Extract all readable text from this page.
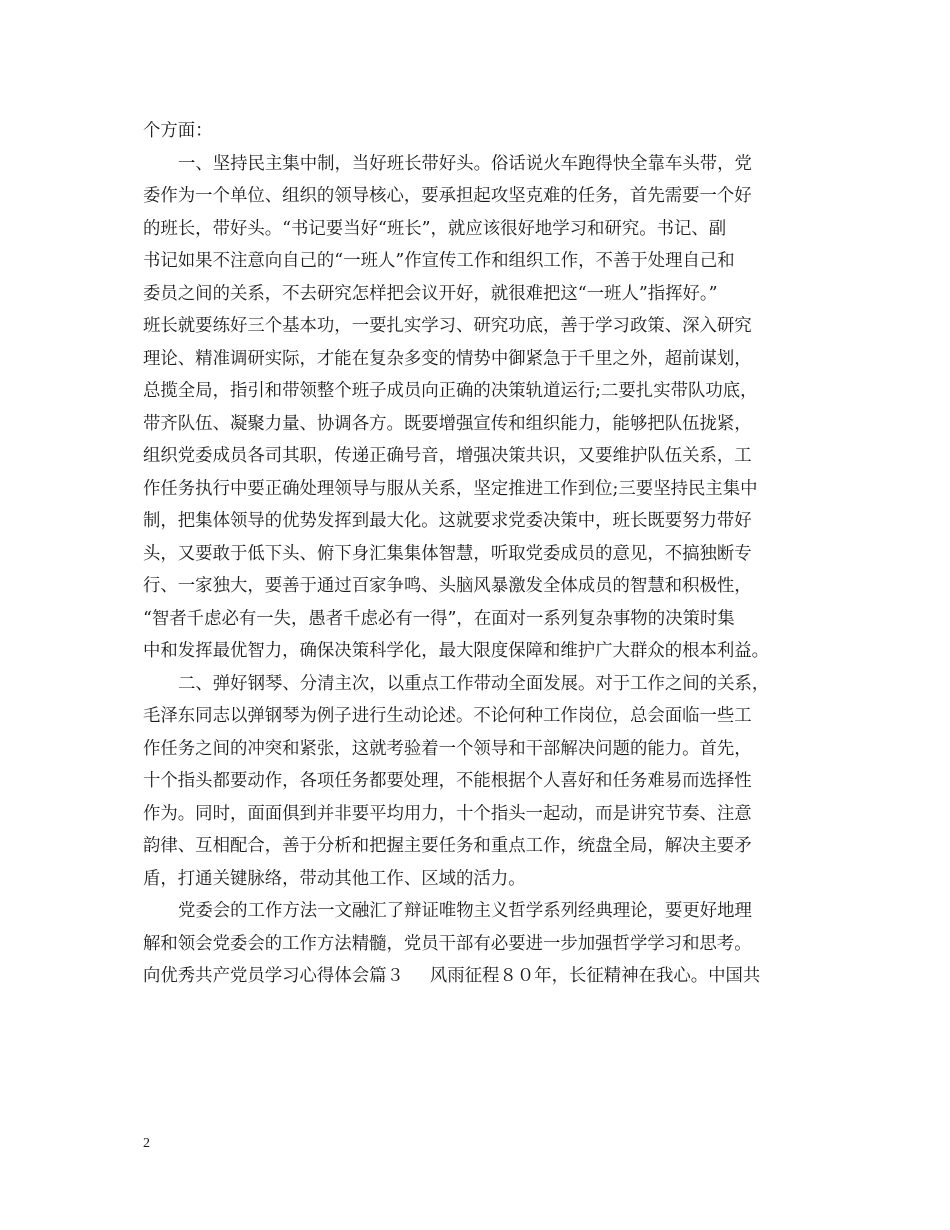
个方面：
一、坚持民主集中制，当好班长带好头。俗话说火车跑得快全靠车头带，党
委作为一个单位、组织的领导核心，要承担起攻坚克难的任务，首先需要一个好
的班长，带好头。“书记要当好“班长”，就应该很好地学习和研究。书记、副
书记如果不注意向自己的“一班人”作宣传工作和组织工作，不善于处理自己和
委员之间的关系，不去研究怎样把会议开好，就很难把这“一班人”指挥好。”
班长就要练好三个基本功，一要扎实学习、研究功底，善于学习政策、深入研究
理论、精准调研实际，才能在复杂多变的情势中御紧急于千里之外，超前谋划，
总揽全局，指引和带领整个班子成员向正确的决策轨道运行;二要扎实带队功底，
带齐队伍、凝聚力量、协调各方。既要增强宣传和组织能力，能够把队伍拢紧，
组织党委成员各司其职，传递正确号音，增强决策共识，又要维护队伍关系，工
作任务执行中要正确处理领导与服从关系，坚定推进工作到位;三要坚持民主集中
制，把集体领导的优势发挥到最大化。这就要求党委决策中，班长既要努力带好
头，又要敢于低下头、俯下身汇集集体智慧，听取党委成员的意见，不搞独断专
行、一家独大，要善于通过百家争鸣、头脑风暴激发全体成员的智慧和积极性，
“智者千虑必有一失，愚者千虑必有一得”，在面对一系列复杂事物的决策时集
中和发挥最优智力，确保决策科学化，最大限度保障和维护广大群众的根本利益。
二、弹好钢琴、分清主次，以重点工作带动全面发展。对于工作之间的关系，
毛泽东同志以弹钢琴为例子进行生动论述。不论何种工作岗位，总会面临一些工
作任务之间的冲突和紧张，这就考验着一个领导和干部解决问题的能力。首先，
十个指头都要动作，各项任务都要处理，不能根据个人喜好和任务难易而选择性
作为。同时，面面俱到并非要平均用力，十个指头一起动，而是讲究节奏、注意
韵律、互相配合，善于分析和把握主要任务和重点工作，统盘全局，解决主要矛
盾，打通关键脉络，带动其他工作、区域的活力。
党委会的工作方法一文融汇了辩证唯物主义哲学系列经典理论，要更好地理
解和领会党委会的工作方法精髓，党员干部有必要进一步加强哲学学习和思考。
向优秀共产党员学习心得体会篇３ 风雨征程８０年，长征精神在我心。中国共
2
